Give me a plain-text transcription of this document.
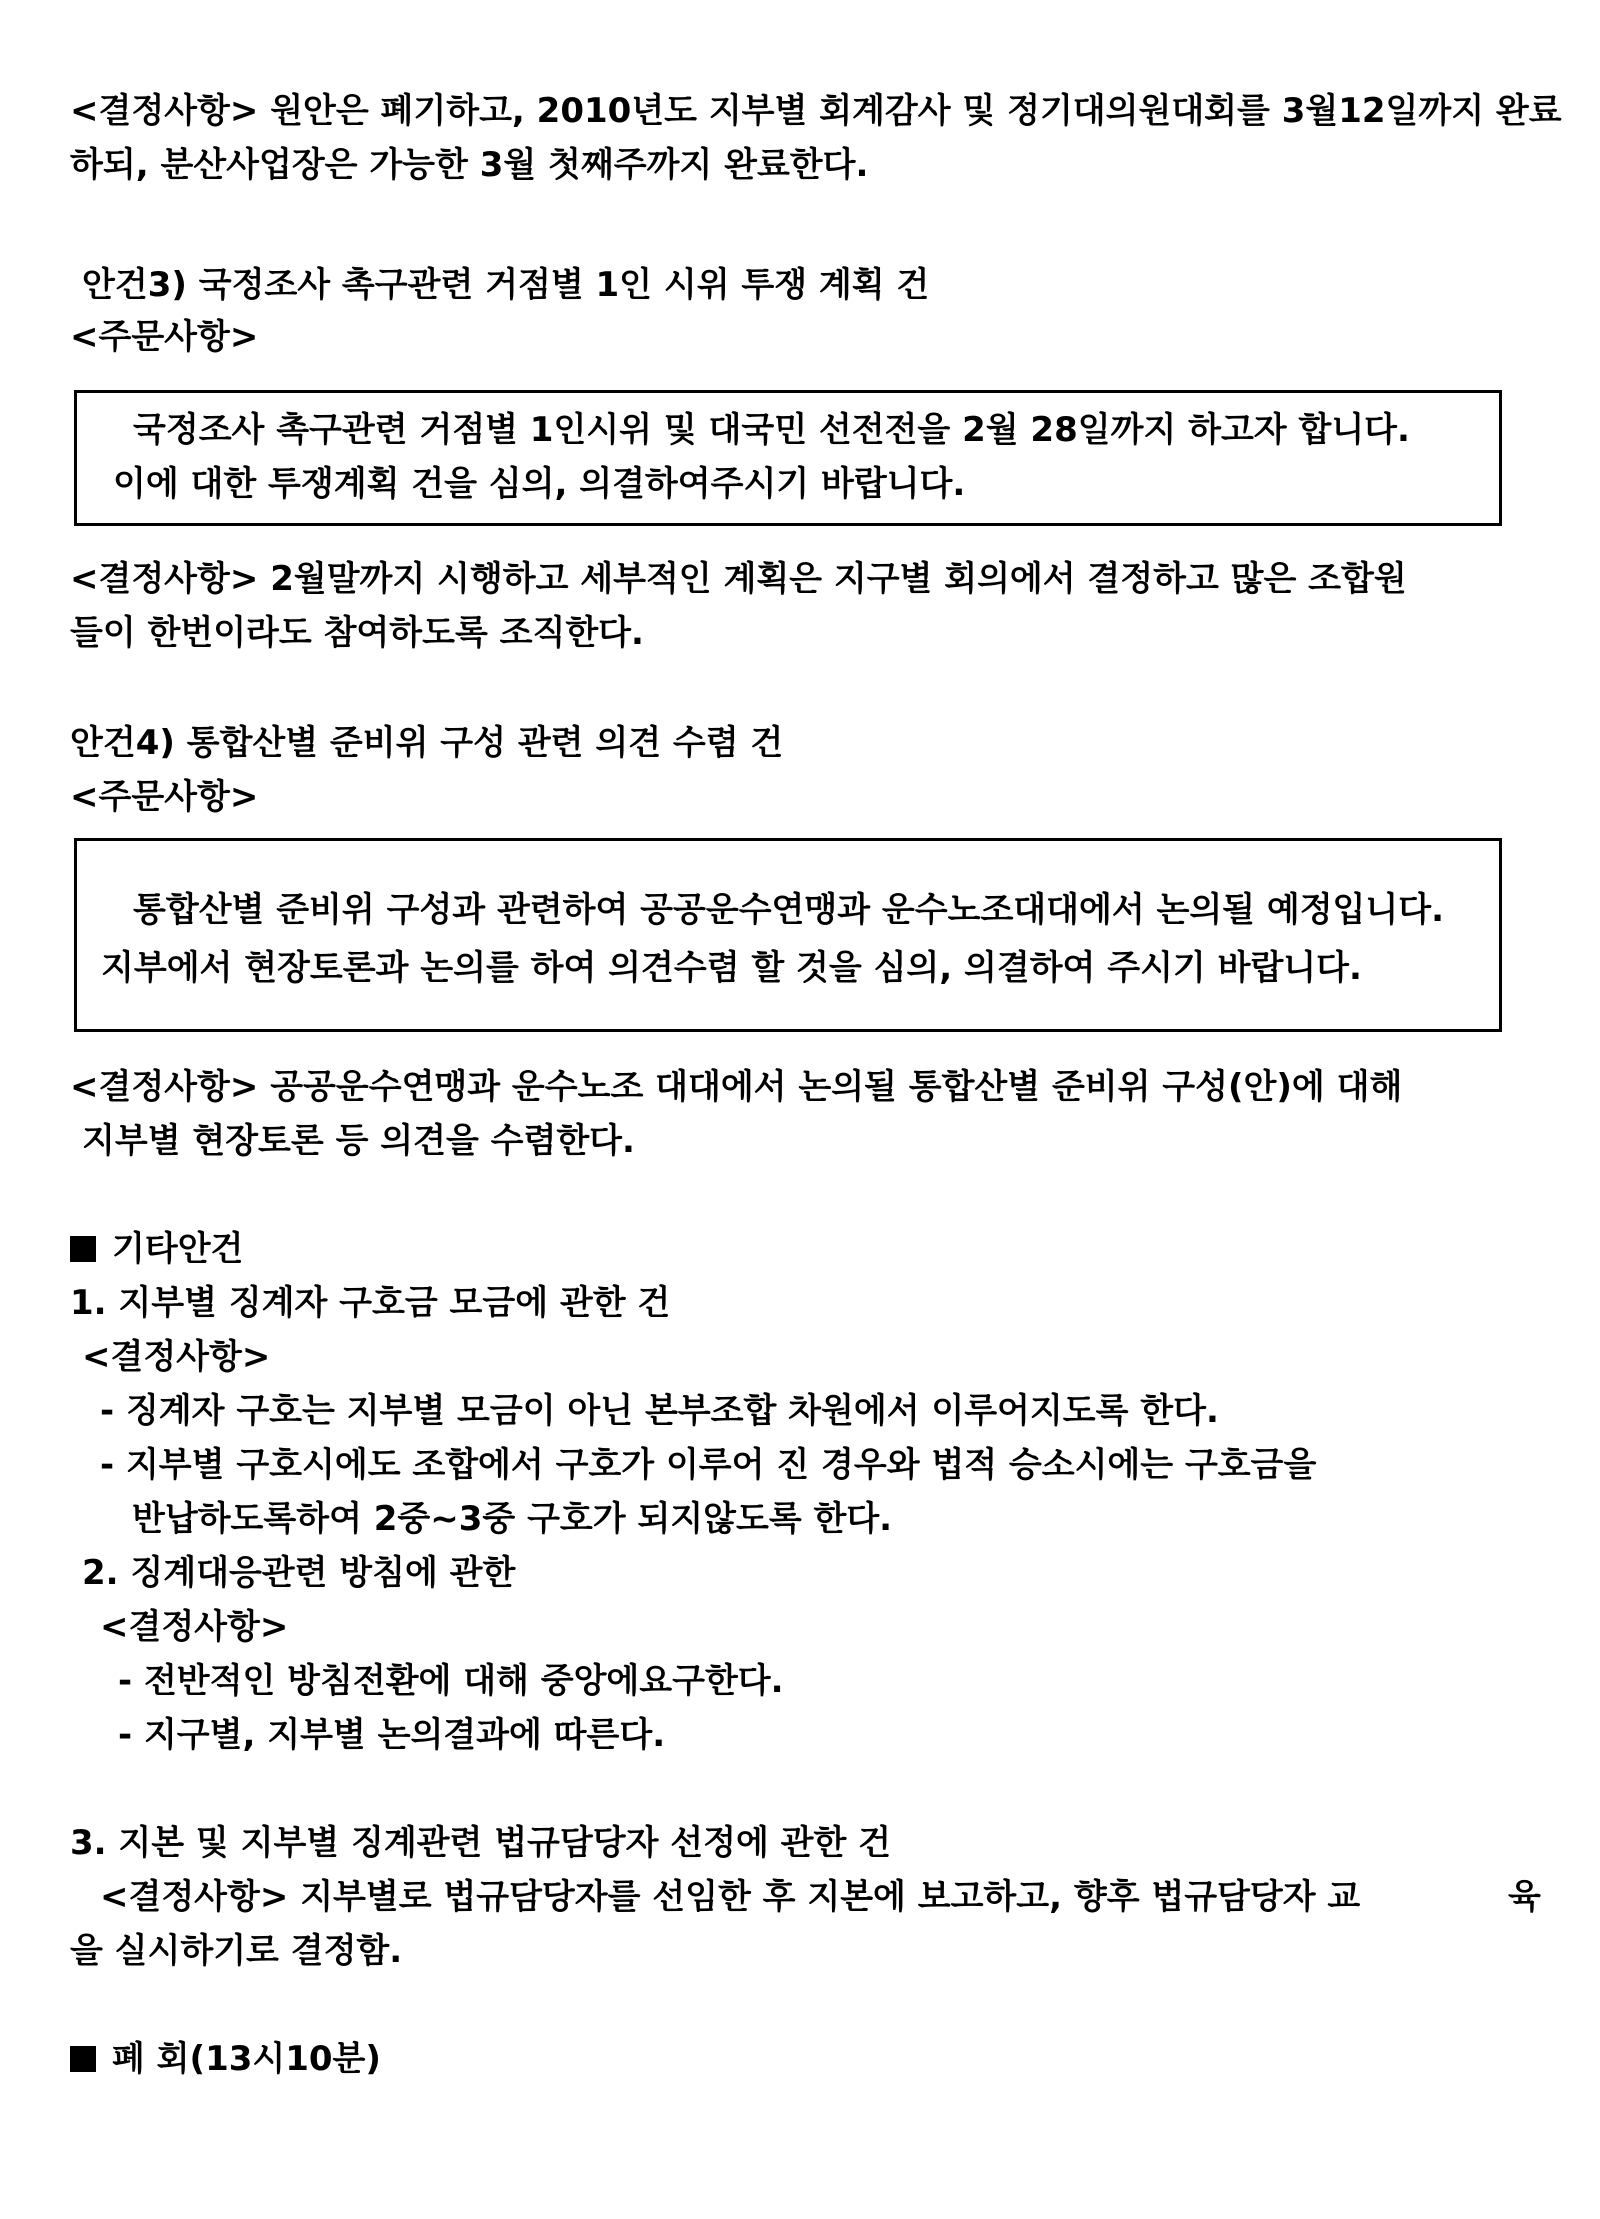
<결정사항> 원안은 폐기하고, 2010년도 지부별 회계감사 및 정기대의원대회를 3월12일까지 완료
하되, 분산사업장은 가능한 3월 첫째주까지 완료한다.
안건3) 국정조사 촉구관련 거점별 1인 시위 투쟁 계획 건
<주문사항>
국정조사 촉구관련 거점별 1인시위 및 대국민 선전전을 2월 28일까지 하고자 합니다.
이에 대한 투쟁계획 건을 심의, 의결하여주시기 바랍니다.
<결정사항> 2월말까지 시행하고 세부적인 계획은 지구별 회의에서 결정하고 많은 조합원
들이 한번이라도 참여하도록 조직한다.
안건4) 통합산별 준비위 구성 관련 의견 수렴 건
<주문사항>
통합산별 준비위 구성과 관련하여 공공운수연맹과 운수노조대대에서 논의될 예정입니다.
지부에서 현장토론과 논의를 하여 의견수렴 할 것을 심의, 의결하여 주시기 바랍니다.
<결정사항> 공공운수연맹과 운수노조 대대에서 논의될 통합산별 준비위 구성(안)에 대해
지부별 현장토론 등 의견을 수렴한다.
기타안건
1. 지부별 징계자 구호금 모금에 관한 건
<결정사항>
- 징계자 구호는 지부별 모금이 아닌 본부조합 차원에서 이루어지도록 한다.
- 지부별 구호시에도 조합에서 구호가 이루어 진 경우와 법적 승소시에는 구호금을
반납하도록하여 2중~3중 구호가 되지않도록 한다.
2. 징계대응관련 방침에 관한
<결정사항>
- 전반적인 방침전환에 대해 중앙에요구한다.
- 지구별, 지부별 논의결과에 따른다.
3. 지본 및 지부별 징계관련 법규담당자 선정에 관한 건
<결정사항> 지부별로 법규담당자를 선임한 후 지본에 보고하고, 향후 법규담당자 교	육
을 실시하기로 결정함.
폐 회(13시10분)
